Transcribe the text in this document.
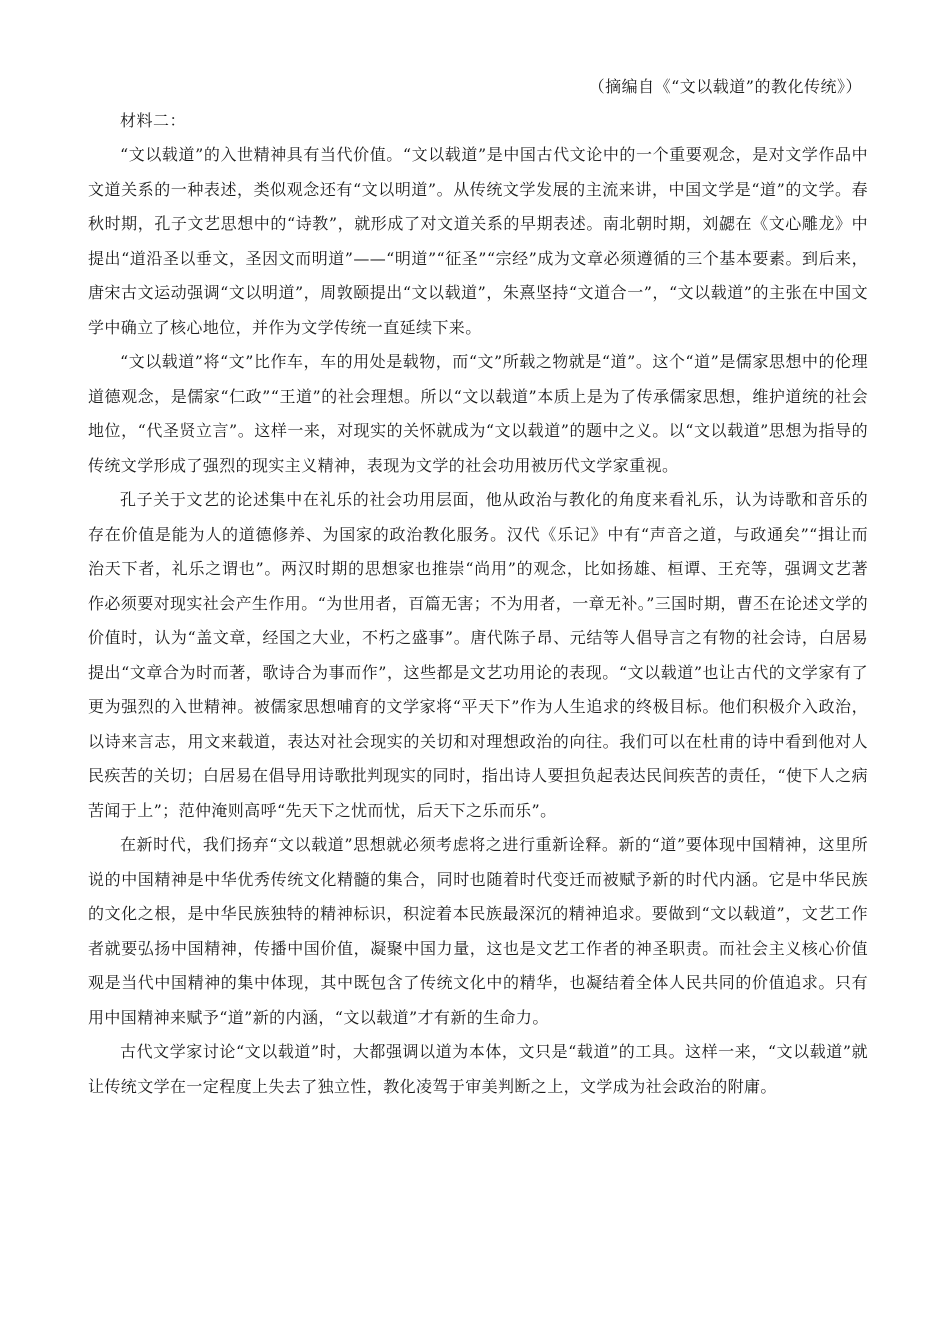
（摘编自《“文以载道”的教化传统》）

材料二：

“文以载道”的入世精神具有当代价值。“文以载道”是中国古代文论中的一个重要观念，是对文学作品中文道关系的一种表述，类似观念还有“文以明道”。从传统文学发展的主流来讲，中国文学是“道”的文学。春秋时期，孔子文艺思想中的“诗教”，就形成了对文道关系的早期表述。南北朝时期，刘勰在《文心雕龙》中提出“道沿圣以垂文，圣因文而明道”——“明道”“征圣”“宗经”成为文章必须遵循的三个基本要素。到后来，唐宋古文运动强调“文以明道”，周敦颐提出“文以载道”，朱熹坚持“文道合一”，“文以载道”的主张在中国文学中确立了核心地位，并作为文学传统一直延续下来。

“文以载道”将“文”比作车，车的用处是载物，而“文”所载之物就是“道”。这个“道”是儒家思想中的伦理道德观念，是儒家“仁政”“王道”的社会理想。所以“文以载道”本质上是为了传承儒家思想，维护道统的社会地位，“代圣贤立言”。这样一来，对现实的关怀就成为“文以载道”的题中之义。以“文以载道”思想为指导的传统文学形成了强烈的现实主义精神，表现为文学的社会功用被历代文学家重视。

孔子关于文艺的论述集中在礼乐的社会功用层面，他从政治与教化的角度来看礼乐，认为诗歌和音乐的存在价值是能为人的道德修养、为国家的政治教化服务。汉代《乐记》中有“声音之道，与政通矣”“揖让而治天下者，礼乐之谓也”。两汉时期的思想家也推崇“尚用”的观念，比如扬雄、桓谭、王充等，强调文艺著作必须要对现实社会产生作用。“为世用者，百篇无害；不为用者，一章无补。”三国时期，曹丕在论述文学的价值时，认为“盖文章，经国之大业，不朽之盛事”。唐代陈子昂、元结等人倡导言之有物的社会诗，白居易提出“文章合为时而著，歌诗合为事而作”，这些都是文艺功用论的表现。“文以载道”也让古代的文学家有了更为强烈的入世精神。被儒家思想哺育的文学家将“平天下”作为人生追求的终极目标。他们积极介入政治，以诗来言志，用文来载道，表达对社会现实的关切和对理想政治的向往。我们可以在杜甫的诗中看到他对人民疾苦的关切；白居易在倡导用诗歌批判现实的同时，指出诗人要担负起表达民间疾苦的责任，“使下人之病苦闻于上”；范仲淹则高呼“先天下之忧而忧，后天下之乐而乐”。

在新时代，我们扬弃“文以载道”思想就必须考虑将之进行重新诠释。新的“道”要体现中国精神，这里所说的中国精神是中华优秀传统文化精髓的集合，同时也随着时代变迁而被赋予新的时代内涵。它是中华民族的文化之根，是中华民族独特的精神标识，积淀着本民族最深沉的精神追求。要做到“文以载道”，文艺工作者就要弘扬中国精神，传播中国价值，凝聚中国力量，这也是文艺工作者的神圣职责。而社会主义核心价值观是当代中国精神的集中体现，其中既包含了传统文化中的精华，也凝结着全体人民共同的价值追求。只有用中国精神来赋予“道”新的内涵，“文以载道”才有新的生命力。

古代文学家讨论“文以载道”时，大都强调以道为本体，文只是“载道”的工具。这样一来，“文以载道”就让传统文学在一定程度上失去了独立性，教化凌驾于审美判断之上，文学成为社会政治的附庸。
